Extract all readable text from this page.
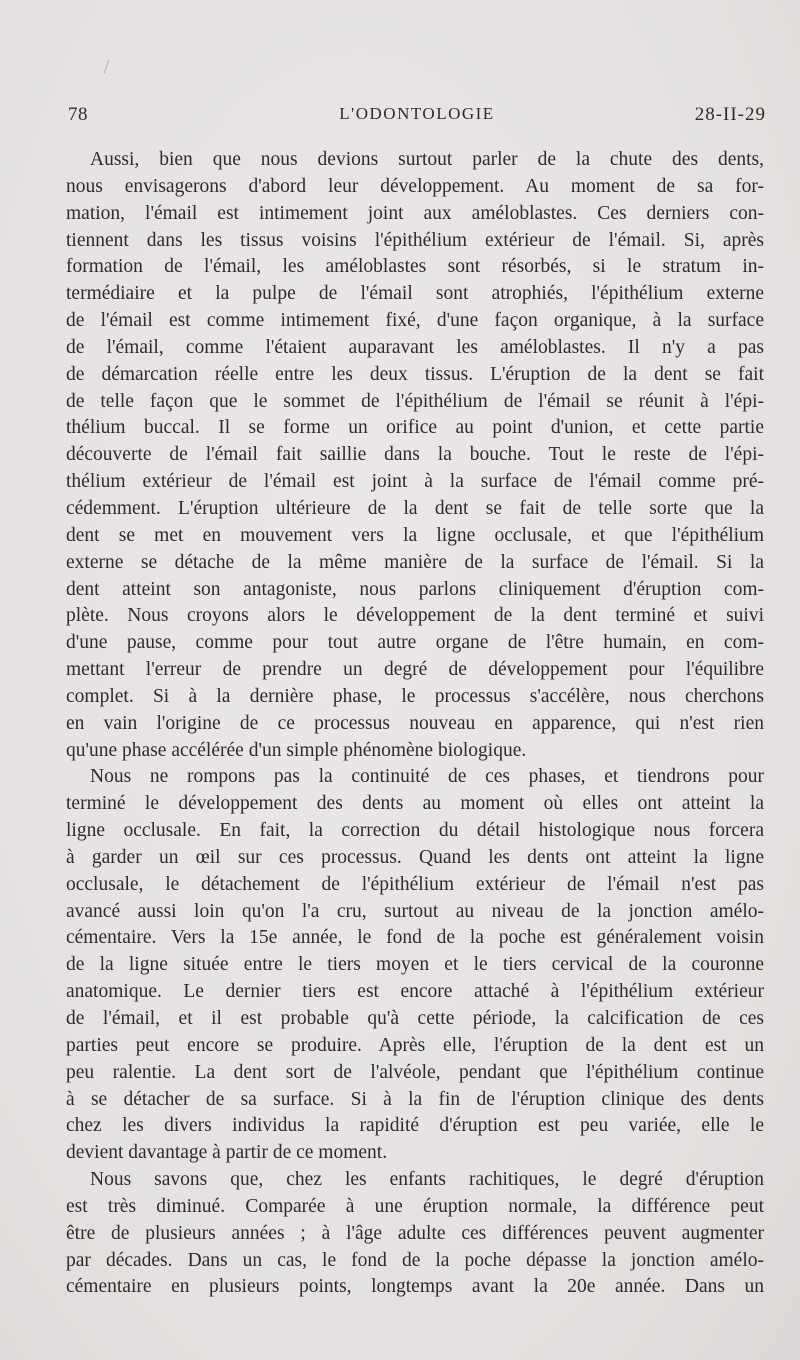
78	L'ODONTOLOGIE	28-II-29
Aussi, bien que nous devions surtout parler de la chute des dents,
nous envisagerons d'abord leur développement. Au moment de sa for-
mation, l'émail est intimement joint aux améloblastes. Ces derniers con-
tiennent dans les tissus voisins l'épithélium extérieur de l'émail. Si, après
formation de l'émail, les améloblastes sont résorbés, si le stratum in-
termédiaire et la pulpe de l'émail sont atrophiés, l'épithélium externe
de l'émail est comme intimement fixé, d'une façon organique, à la surface
de l'émail, comme l'étaient auparavant les améloblastes. Il n'y a pas
de démarcation réelle entre les deux tissus. L'éruption de la dent se fait
de telle façon que le sommet de l'épithélium de l'émail se réunit à l'épi-
thélium buccal. Il se forme un orifice au point d'union, et cette partie
découverte de l'émail fait saillie dans la bouche. Tout le reste de l'épi-
thélium extérieur de l'émail est joint à la surface de l'émail comme pré-
cédemment. L'éruption ultérieure de la dent se fait de telle sorte que la
dent se met en mouvement vers la ligne occlusale, et que l'épithélium
externe se détache de la même manière de la surface de l'émail. Si la
dent atteint son antagoniste, nous parlons cliniquement d'éruption com-
plète. Nous croyons alors le développement de la dent terminé et suivi
d'une pause, comme pour tout autre organe de l'être humain, en com-
mettant l'erreur de prendre un degré de développement pour l'équilibre
complet. Si à la dernière phase, le processus s'accélère, nous cherchons
en vain l'origine de ce processus nouveau en apparence, qui n'est rien
qu'une phase accélérée d'un simple phénomène biologique.
Nous ne rompons pas la continuité de ces phases, et tiendrons pour
terminé le développement des dents au moment où elles ont atteint la
ligne occlusale. En fait, la correction du détail histologique nous forcera
à garder un œil sur ces processus. Quand les dents ont atteint la ligne
occlusale, le détachement de l'épithélium extérieur de l'émail n'est pas
avancé aussi loin qu'on l'a cru, surtout au niveau de la jonction amélo-
cémentaire. Vers la 15e année, le fond de la poche est généralement voisin
de la ligne située entre le tiers moyen et le tiers cervical de la couronne
anatomique. Le dernier tiers est encore attaché à l'épithélium extérieur
de l'émail, et il est probable qu'à cette période, la calcification de ces
parties peut encore se produire. Après elle, l'éruption de la dent est un
peu ralentie. La dent sort de l'alvéole, pendant que l'épithélium continue
à se détacher de sa surface. Si à la fin de l'éruption clinique des dents
chez les divers individus la rapidité d'éruption est peu variée, elle le
devient davantage à partir de ce moment.
Nous savons que, chez les enfants rachitiques, le degré d'éruption
est très diminué. Comparée à une éruption normale, la différence peut
être de plusieurs années ; à l'âge adulte ces différences peuvent augmenter
par décades. Dans un cas, le fond de la poche dépasse la jonction amélo-
cémentaire en plusieurs points, longtemps avant la 20e année. Dans un
